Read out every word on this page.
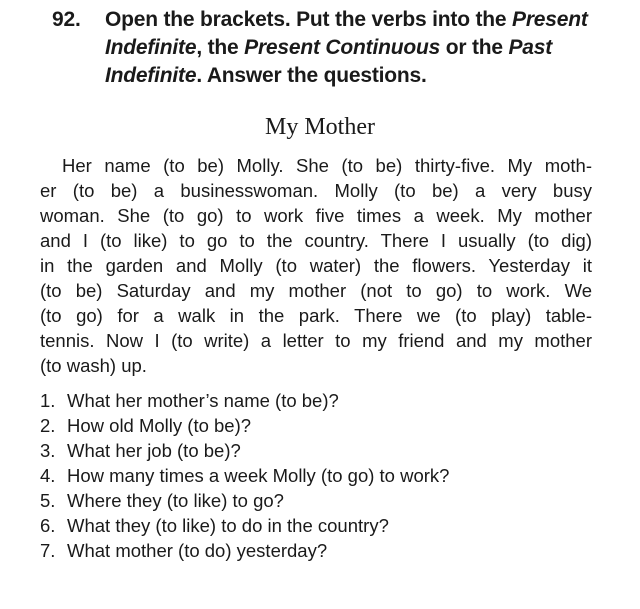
92. Open the brackets. Put the verbs into the Present Indefinite, the Present Continuous or the Past Indefinite. Answer the questions.
My Mother
Her name (to be) Molly. She (to be) thirty-five. My moth-
er (to be) a businesswoman. Molly (to be) a very busy
woman. She (to go) to work five times a week. My mother
and I (to like) to go to the country. There I usually (to dig)
in the garden and Molly (to water) the flowers. Yesterday it
(to be) Saturday and my mother (not to go) to work. We
(to go) for a walk in the park. There we (to play) table-
tennis. Now I (to write) a letter to my friend and my mother
(to wash) up.
1. What her mother’s name (to be)?
2. How old Molly (to be)?
3. What her job (to be)?
4. How many times a week Molly (to go) to work?
5. Where they (to like) to go?
6. What they (to like) to do in the country?
7. What mother (to do) yesterday?
